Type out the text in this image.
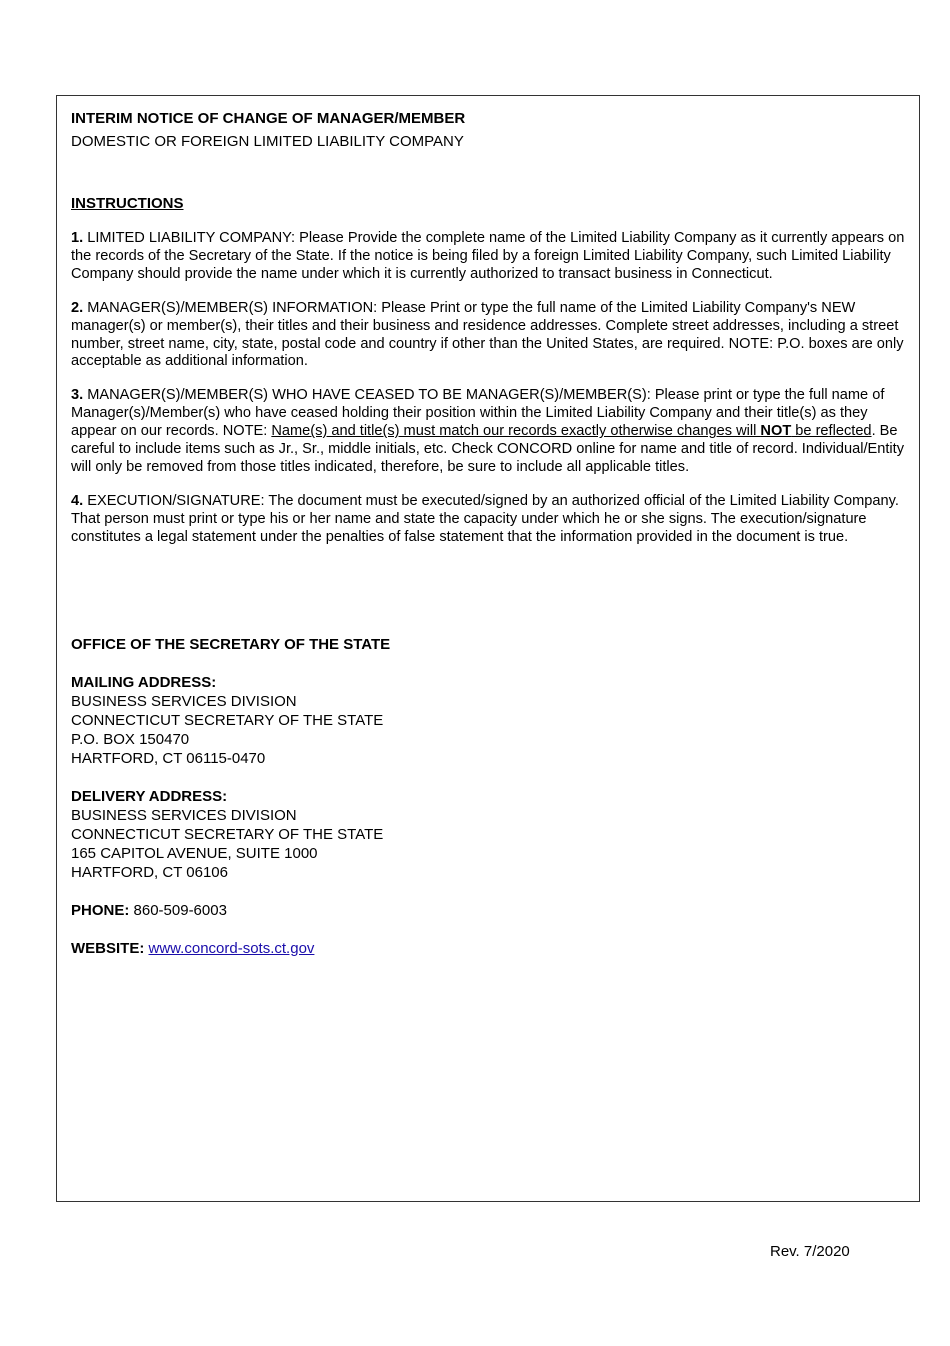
INTERIM NOTICE OF CHANGE OF MANAGER/MEMBER

DOMESTIC OR FOREIGN LIMITED LIABILITY COMPANY

INSTRUCTIONS

1. LIMITED LIABILITY COMPANY: Please Provide the complete name of the Limited Liability Company as it currently appears on the records of the Secretary of the State. If the notice is being filed by a foreign Limited Liability Company, such Limited Liability Company should provide the name under which it is currently authorized to transact business in Connecticut.

2. MANAGER(S)/MEMBER(S) INFORMATION: Please Print or type the full name of the Limited Liability Company's NEW manager(s) or member(s), their titles and their business and residence addresses. Complete street addresses, including a street number, street name, city, state, postal code and country if other than the United States, are required. NOTE: P.O. boxes are only acceptable as additional information.

3. MANAGER(S)/MEMBER(S) WHO HAVE CEASED TO BE MANAGER(S)/MEMBER(S): Please print or type the full name of Manager(s)/Member(s) who have ceased holding their position within the Limited Liability Company and their title(s) as they appear on our records. NOTE: Name(s) and title(s) must match our records exactly otherwise changes will NOT be reflected. Be careful to include items such as Jr., Sr., middle initials, etc. Check CONCORD online for name and title of record. Individual/Entity will only be removed from those titles indicated, therefore, be sure to include all applicable titles.

4. EXECUTION/SIGNATURE: The document must be executed/signed by an authorized official of the Limited Liability Company. That person must print or type his or her name and state the capacity under which he or she signs. The execution/signature constitutes a legal statement under the penalties of false statement that the information provided in the document is true.

OFFICE OF THE SECRETARY OF THE STATE

MAILING ADDRESS:
BUSINESS SERVICES DIVISION
CONNECTICUT SECRETARY OF THE STATE
P.O. BOX 150470
HARTFORD, CT 06115-0470
DELIVERY ADDRESS:
BUSINESS SERVICES DIVISION
CONNECTICUT SECRETARY OF THE STATE
165 CAPITOL AVENUE, SUITE 1000
HARTFORD, CT 06106
PHONE: 860-509-6003
WEBSITE: www.concord-sots.ct.gov
Rev. 7/2020
